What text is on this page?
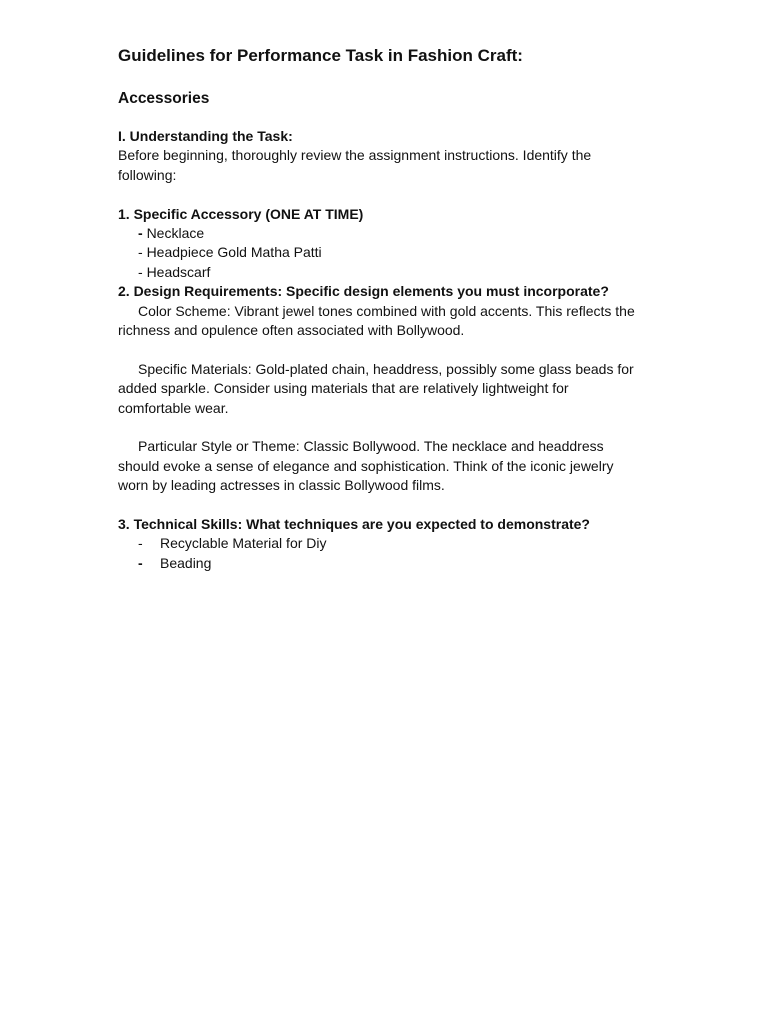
Guidelines for Performance Task in Fashion Craft:
Accessories
I. Understanding the Task:
Before beginning, thoroughly review the assignment instructions. Identify the
following:
1. Specific Accessory (ONE AT TIME)
- Necklace
- Headpiece Gold Matha Patti
- Headscarf
2. Design Requirements: Specific design elements you must incorporate?
Color Scheme: Vibrant jewel tones combined with gold accents. This reflects the
richness and opulence often associated with Bollywood.
Specific Materials: Gold-plated chain, headdress, possibly some glass beads for
added sparkle. Consider using materials that are relatively lightweight for
comfortable wear.
Particular Style or Theme: Classic Bollywood. The necklace and headdress
should evoke a sense of elegance and sophistication. Think of the iconic jewelry
worn by leading actresses in classic Bollywood films.
3. Technical Skills: What techniques are you expected to demonstrate?
-	Recyclable Material for Diy
-	Beading
